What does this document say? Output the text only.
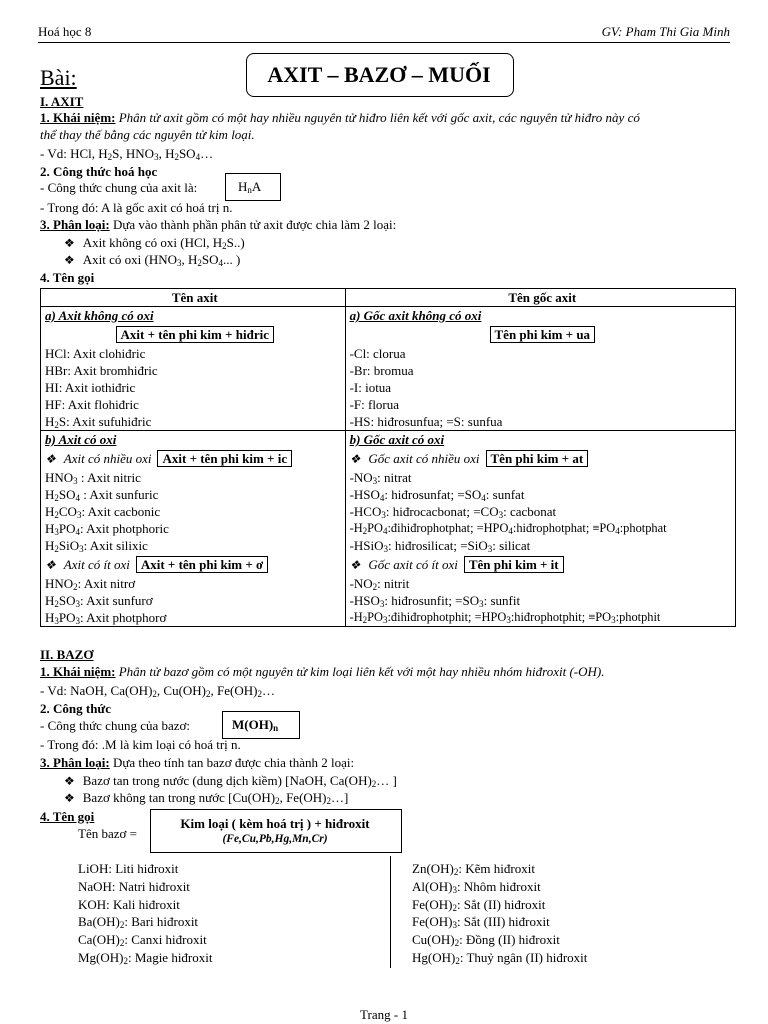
Hoá học 8	GV: Pham Thi Gia Minh
Bài:	AXIT – BAZƠ – MUỐI
I. AXIT
1. Khái niệm: Phân tử axit gồm có một hay nhiều nguyên tử hiđro liên kết với gốc axit, các nguyên tử hiđro này có
thể thay thế bằng các nguyên tử kim loại.
- Vd: HCl, $H_2S$, $HNO_3$, $H_2SO_4\dots$
2. Công thức hoá học
- Công thức chung của axit là:	$H_nA$
- Trong đó: A là gốc axit có hoá trị n.
3. Phân loại: Dựa vào thành phần phân tử axit được chia làm 2 loại:
❖ Axit không có oxi (HCl, $H_2S$..)
❖ Axit có oxi ($HNO_3$, $H_2SO_4$... )
4. Tên gọi
Tên axit	Tên gốc axit
a) Axit không có oxi	a) Gốc axit không có oxi

Axit + tên phi kim + hiđric	Tên phi kim + ua

HCl: Axit clohiđric	-Cl: clorua
HBr: Axit bromhiđric	-Br: bromua
HI: Axit iothiđric	-I: iotua
HF: Axit flohiđric	-F: florua
$H_2S$: Axit sufuhiđric	-HS: hiđrosunfua; =S: sunfua
b) Axit có oxi	b) Gốc axit có oxi
❖ Axit có nhiều oxi Axit + tên phi kim + ic	❖ Gốc axit có nhiều oxi Tên phi kim + at
$HNO_3$ : Axit nitric	$-NO_3$: nitrat
$H_2SO_4$ : Axit sunfuric	$-HSO_4$: hiđrosunfat; $=SO_4$: sunfat
$H_2CO_3$: Axit cacbonic	$-HCO_3$: hiđrocacbonat; $=CO_3$: cacbonat
$H_3PO_4$: Axit photphoric	$-H_2PO_4:đihiđrophotphat$; $=HPO_4:hiđrophotphat$; $\equiv PO_4:photphat$
$H_2SiO_3$: Axit silixic	-HSiO$_3$: hiđrosilicat; =SiO$_3$: silicat
❖ Axit có ít oxi Axit + tên phi kim + ơ	❖ Gốc axit có ít oxi Tên phi kim + it
$HNO_2$: Axit nitrơ	$-NO_2$: nitrit
$H_2SO_3$: Axit sunfurơ	$-HSO_3$: hiđrosunfit; $=SO_3$: sunfit
$H_3PO_3$: Axit photphorơ	$-H_2PO_3:đihiđrophotphit$; $=HPO_3:hiđrophotphit$; $\equiv PO_3:photphit$
II. BAZƠ
1. Khái niệm: Phân tử bazơ gồm có một nguyên tử kim loại liên kết với một hay nhiều nhóm hiđroxit (-OH).
- Vd: NaOH, $Ca(OH)_2$, $Cu(OH)_2$, $Fe(OH)_2\dots$
2. Công thức
- Công thức chung của bazơ:	$M(OH)_n$
- Trong đó: .M là kim loại có hoá trị n.
3. Phân loại: Dựa theo tính tan bazơ được chia thành 2 loại:
❖ Bazơ tan trong nước (dung dịch kiềm) [NaOH, $Ca(OH)_2\dots$ ]
❖ Bazơ không tan trong nước [$Cu(OH)_2$, $Fe(OH)_2\dots$]
4. Tên gọi
Tên bazơ =
Kim loại ( kèm hoá trị ) + hiđroxit
(Fe,Cu,Pb,Hg,Mn,Cr)
LiOH: Liti hiđroxit
NaOH: Natri hiđroxit
KOH: Kali hiđroxit
$Ba(OH)_2$: Bari hiđroxit
$Ca(OH)_2$: Canxi hiđroxit
$Mg(OH)_2$: Magie hiđroxit
$Zn(OH)_2$: Kẽm hiđroxit
$Al(OH)_3$: Nhôm hiđroxit
$Fe(OH)_2$: Sắt (II) hiđroxit
$Fe(OH)_3$: Sắt (III) hiđroxit
$Cu(OH)_2$: Đồng (II) hiđroxit
$Hg(OH)_2$: Thuỷ ngân (II) hiđroxit
Trang - 1
